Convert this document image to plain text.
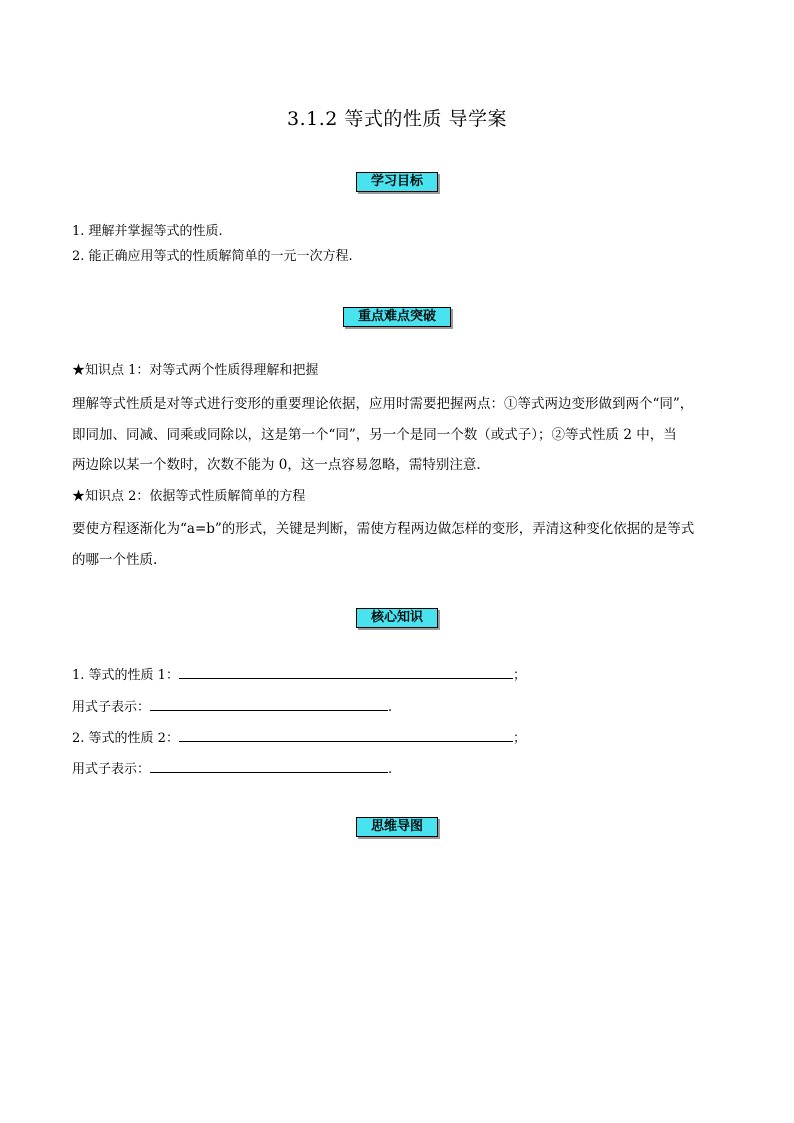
3.1.2 等式的性质 导学案
学习目标
1. 理解并掌握等式的性质.
2. 能正确应用等式的性质解简单的一元一次方程.
重点难点突破
★知识点 1：对等式两个性质得理解和把握
理解等式性质是对等式进行变形的重要理论依据，应用时需要把握两点：①等式两边变形做到两个“同”，
即同加、同减、同乘或同除以，这是第一个“同”，另一个是同一个数（或式子）；②等式性质 2 中，当
两边除以某一个数时，次数不能为 0，这一点容易忽略，需特别注意.
★知识点 2：依据等式性质解简单的方程
要使方程逐渐化为“a=b”的形式，关键是判断，需使方程两边做怎样的变形，弄清这种变化依据的是等式
的哪一个性质.
核心知识
1. 等式的性质 1：	；
用式子表示：	.
2. 等式的性质 2：	；
用式子表示：	.
思维导图
